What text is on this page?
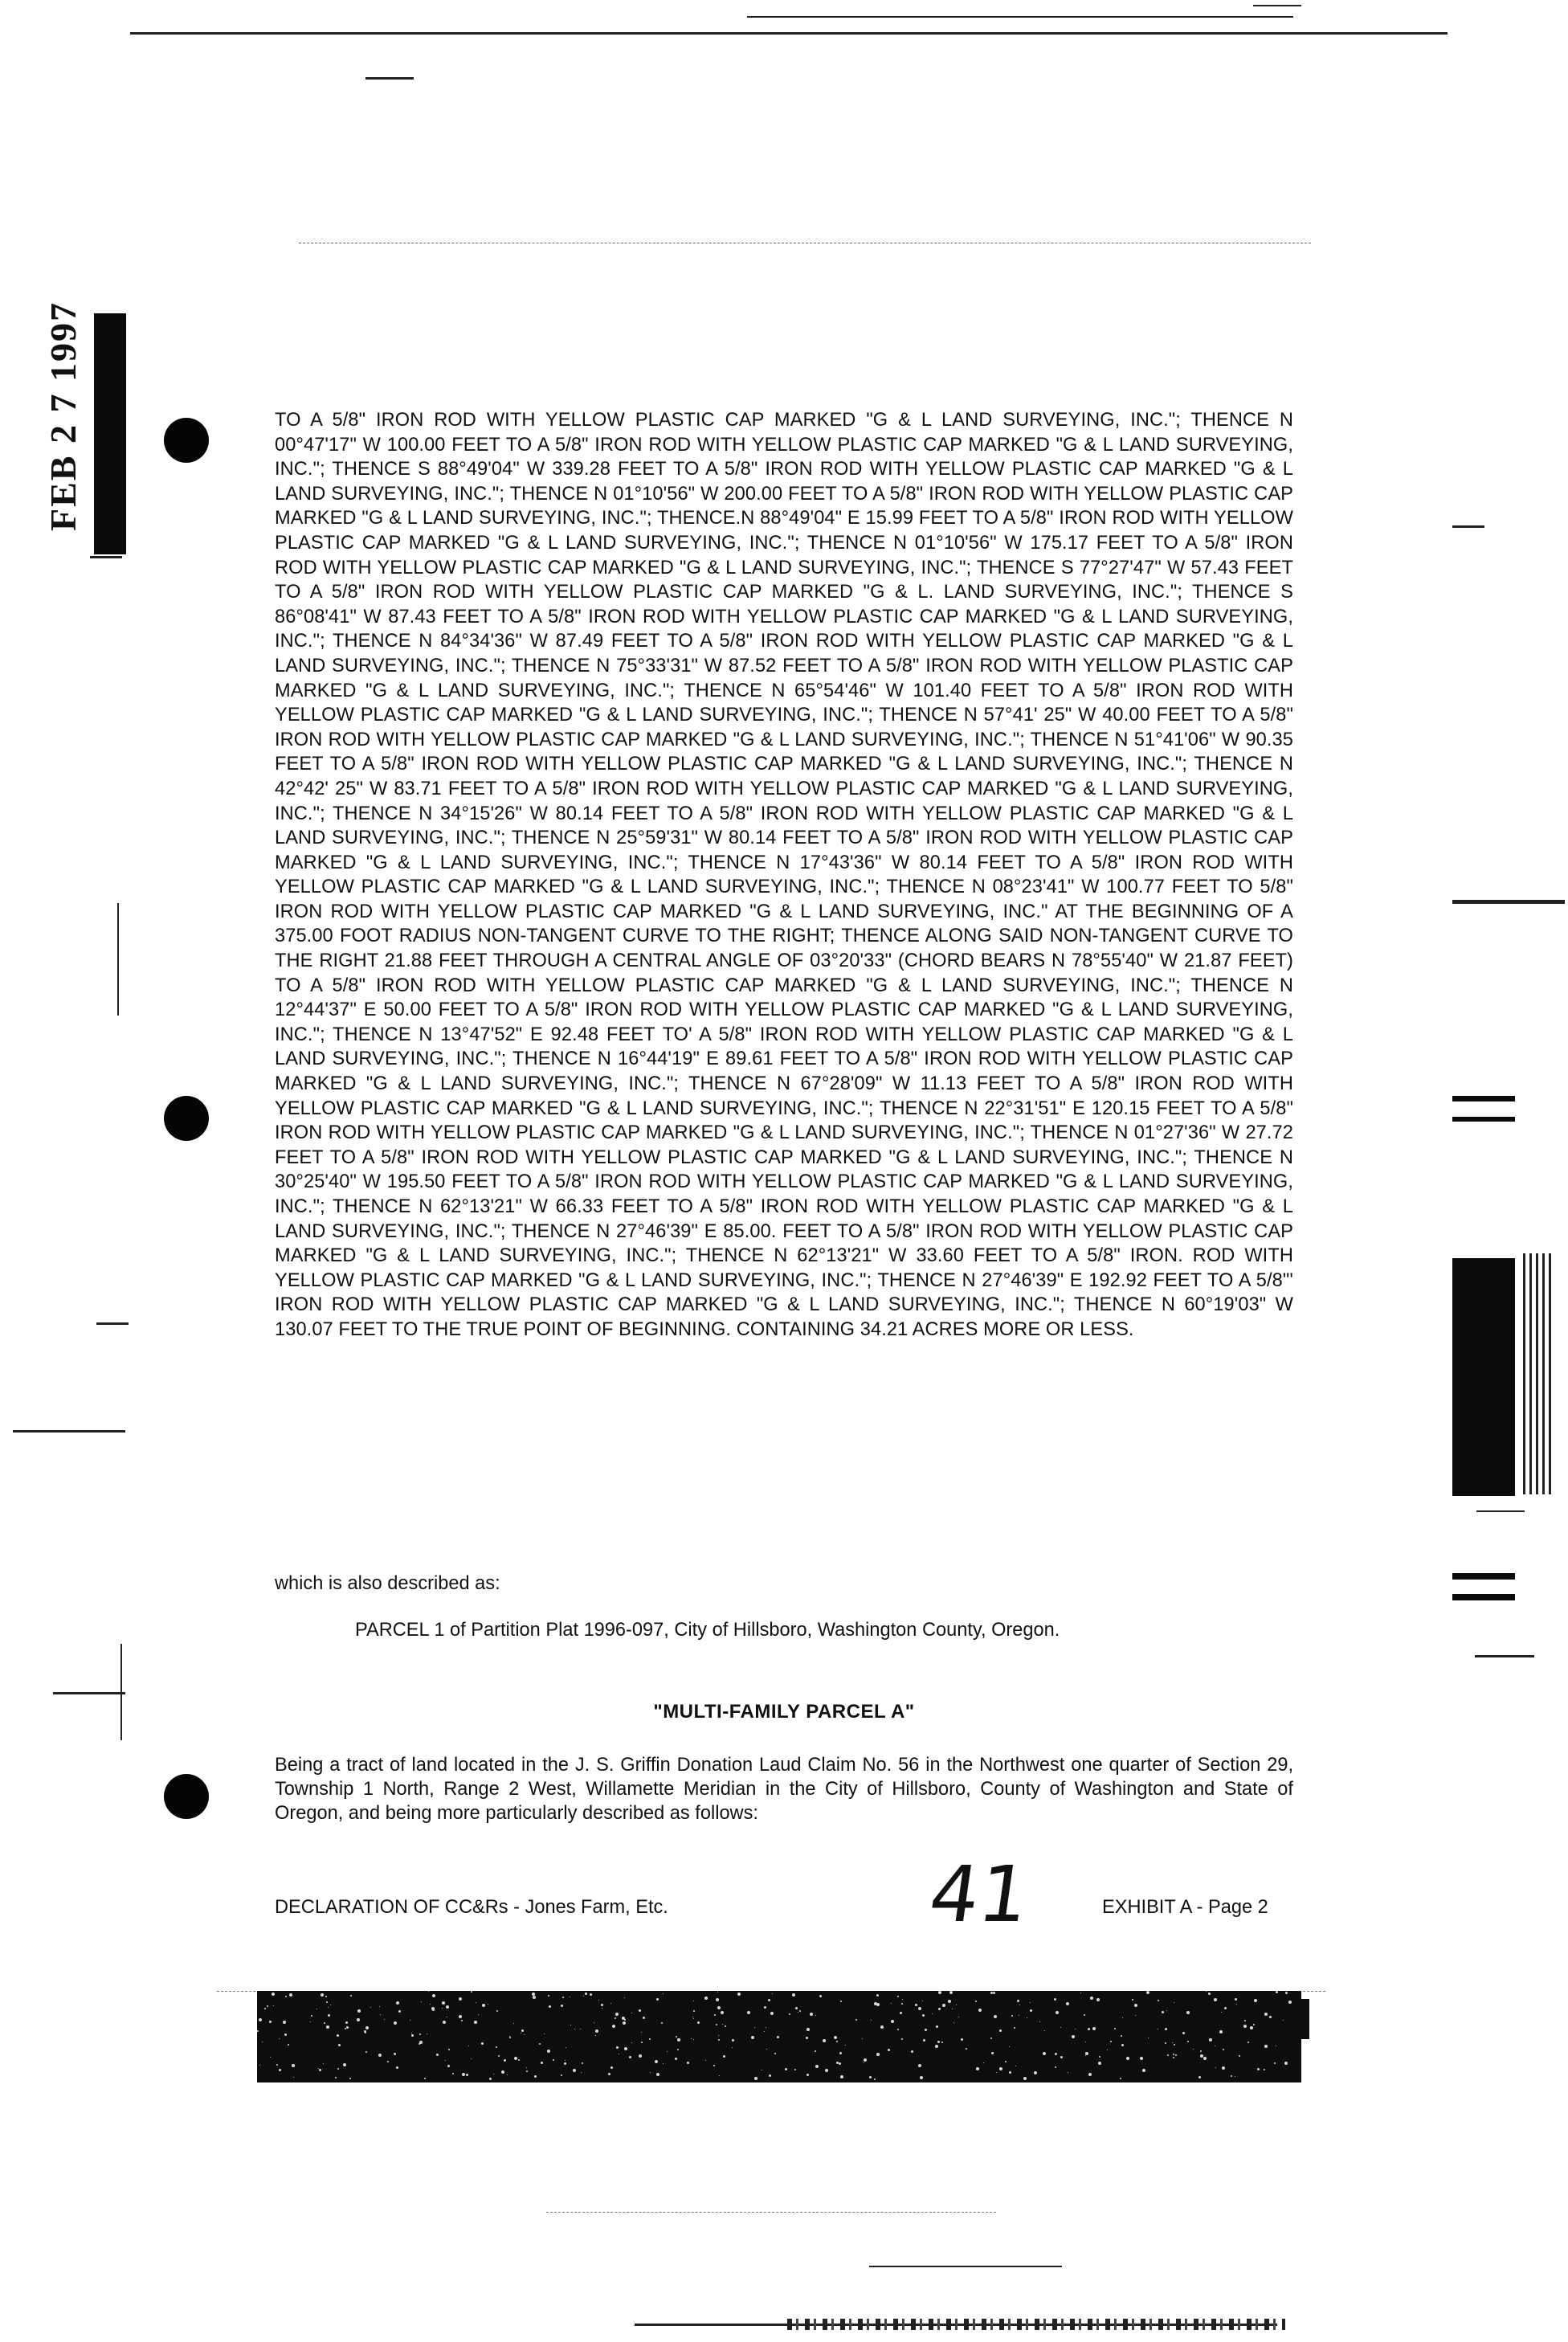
FEB 2 7 1997	TO A 5/8" IRON ROD WITH YELLOW PLASTIC CAP MARKED "G & L LAND SURVEYING, INC."; THENCE N 00°47'17" W 100.00 FEET TO A 5/8" IRON ROD WITH YELLOW PLASTIC CAP MARKED "G & L LAND SURVEYING, INC."; THENCE S 88°49'04" W 339.28 FEET TO A 5/8" IRON ROD WITH YELLOW PLASTIC CAP MARKED "G & L LAND SURVEYING, INC."; THENCE N 01°10'56" W 200.00 FEET TO A 5/8" IRON ROD WITH YELLOW PLASTIC CAP MARKED "G & L LAND SURVEYING, INC."; THENCE.N 88°49'04" E 15.99 FEET TO A 5/8" IRON ROD WITH YELLOW PLASTIC CAP MARKED "G & L LAND SURVEYING, INC."; THENCE N 01°10'56" W 175.17 FEET TO A 5/8" IRON ROD WITH YELLOW PLASTIC CAP MARKED "G & L LAND SURVEYING, INC."; THENCE S 77°27'47" W 57.43 FEET TO A 5/8" IRON ROD WITH YELLOW PLASTIC CAP MARKED "G & L. LAND SURVEYING, INC."; THENCE S 86°08'41" W 87.43 FEET TO A 5/8" IRON ROD WITH YELLOW PLASTIC CAP MARKED "G & L LAND SURVEYING, INC."; THENCE N 84°34'36" W 87.49 FEET TO A 5/8" IRON ROD WITH YELLOW PLASTIC CAP MARKED "G & L LAND SURVEYING, INC."; THENCE N 75°33'31" W 87.52 FEET TO A 5/8" IRON ROD WITH YELLOW PLASTIC CAP MARKED "G & L LAND SURVEYING, INC."; THENCE N 65°54'46" W 101.40 FEET TO A 5/8" IRON ROD WITH YELLOW PLASTIC CAP MARKED "G & L LAND SURVEYING, INC."; THENCE N 57°41' 25" W 40.00 FEET TO A 5/8" IRON ROD WITH YELLOW PLASTIC CAP MARKED "G & L LAND SURVEYING, INC."; THENCE N 51°41'06" W 90.35 FEET TO A 5/8" IRON ROD WITH YELLOW PLASTIC CAP MARKED "G & L LAND SURVEYING, INC."; THENCE N 42°42' 25" W 83.71 FEET TO A 5/8" IRON ROD WITH YELLOW PLASTIC CAP MARKED "G & L LAND SURVEYING, INC."; THENCE N 34°15'26" W 80.14 FEET TO A 5/8" IRON ROD WITH YELLOW PLASTIC CAP MARKED "G & L LAND SURVEYING, INC."; THENCE N 25°59'31" W 80.14 FEET TO A 5/8" IRON ROD WITH YELLOW PLASTIC CAP MARKED "G & L LAND SURVEYING, INC."; THENCE N 17°43'36" W 80.14 FEET TO A 5/8" IRON ROD WITH YELLOW PLASTIC CAP MARKED "G & L LAND SURVEYING, INC."; THENCE N 08°23'41" W 100.77 FEET TO 5/8" IRON ROD WITH YELLOW PLASTIC CAP MARKED "G & L LAND SURVEYING, INC." AT THE BEGINNING OF A 375.00 FOOT RADIUS NON-TANGENT CURVE TO THE RIGHT; THENCE ALONG SAID NON-TANGENT CURVE TO THE RIGHT 21.88 FEET THROUGH A CENTRAL ANGLE OF 03°20'33" (CHORD BEARS N 78°55'40" W 21.87 FEET) TO A 5/8" IRON ROD WITH YELLOW PLASTIC CAP MARKED "G & L LAND SURVEYING, INC."; THENCE N 12°44'37" E 50.00 FEET TO A 5/8" IRON ROD WITH YELLOW PLASTIC CAP MARKED "G & L LAND SURVEYING, INC."; THENCE N 13°47'52" E 92.48 FEET TO' A 5/8" IRON ROD WITH YELLOW PLASTIC CAP MARKED "G & L LAND SURVEYING, INC."; THENCE N 16°44'19" E 89.61 FEET TO A 5/8" IRON ROD WITH YELLOW PLASTIC CAP MARKED "G & L LAND SURVEYING, INC."; THENCE N 67°28'09" W 11.13 FEET TO A 5/8" IRON ROD WITH YELLOW PLASTIC CAP MARKED "G & L LAND SURVEYING, INC."; THENCE N 22°31'51" E 120.15 FEET TO A 5/8" IRON ROD WITH YELLOW PLASTIC CAP MARKED "G & L LAND SURVEYING, INC."; THENCE N 01°27'36" W 27.72 FEET TO A 5/8" IRON ROD WITH YELLOW PLASTIC CAP MARKED "G & L LAND SURVEYING, INC."; THENCE N 30°25'40" W 195.50 FEET TO A 5/8" IRON ROD WITH YELLOW PLASTIC CAP MARKED "G & L LAND SURVEYING, INC."; THENCE N 62°13'21" W 66.33 FEET TO A 5/8" IRON ROD WITH YELLOW PLASTIC CAP MARKED "G & L LAND SURVEYING, INC."; THENCE N 27°46'39" E 85.00. FEET TO A 5/8" IRON ROD WITH YELLOW PLASTIC CAP MARKED "G & L LAND SURVEYING, INC."; THENCE N 62°13'21" W 33.60 FEET TO A 5/8" IRON. ROD WITH YELLOW PLASTIC CAP MARKED "G & L LAND SURVEYING, INC."; THENCE N 27°46'39" E 192.92 FEET TO A 5/8"' IRON ROD WITH YELLOW PLASTIC CAP MARKED "G & L LAND SURVEYING, INC."; THENCE N 60°19'03" W 130.07 FEET TO THE TRUE POINT OF BEGINNING. CONTAINING 34.21 ACRES MORE OR LESS.
which is also described as:
PARCEL 1 of Partition Plat 1996-097, City of Hillsboro, Washington County, Oregon.
"MULTI-FAMILY PARCEL A"
Being a tract of land located in the J. S. Griffin Donation Laud Claim No. 56 in the Northwest one quarter of Section 29, Township 1 North, Range 2 West, Willamette Meridian in the City of Hillsboro, County of Washington and State of Oregon, and being more particularly described as follows:
DECLARATION OF CC&Rs - Jones Farm, Etc.	41	EXHIBIT A - Page 2
